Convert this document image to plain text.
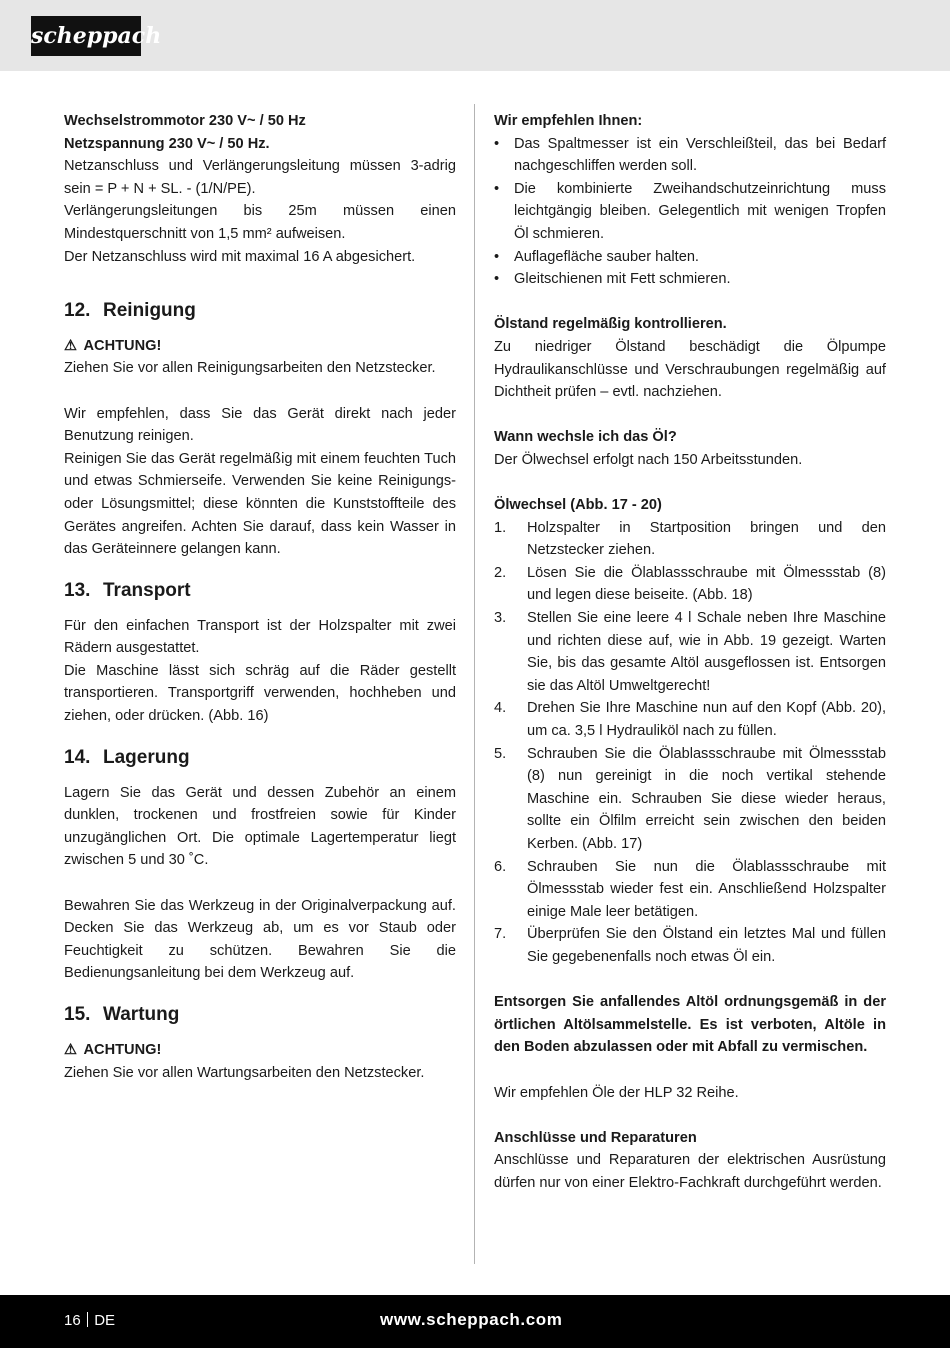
scheppach

Wechselstrommotor 230 V~ / 50 Hz

Netzspannung 230 V~ / 50 Hz.

Netzanschluss und Verlängerungsleitung müssen 3-adrig sein = P + N + SL. - (1/N/PE).

Verlängerungsleitungen bis 25m müssen einen Mindestquerschnitt von 1,5 mm² aufweisen.

Der Netzanschluss wird mit maximal 16 A abgesichert.

12. Reinigung

⚠ ACHTUNG!

Ziehen Sie vor allen Reinigungsarbeiten den Netzstecker.

Wir empfehlen, dass Sie das Gerät direkt nach jeder Benutzung reinigen.

Reinigen Sie das Gerät regelmäßig mit einem feuchten Tuch und etwas Schmierseife. Verwenden Sie keine Reinigungs- oder Lösungsmittel; diese könnten die Kunststoffteile des Gerätes angreifen. Achten Sie darauf, dass kein Wasser in das Geräteinnere gelangen kann.

13. Transport

Für den einfachen Transport ist der Holzspalter mit zwei Rädern ausgestattet.

Die Maschine lässt sich schräg auf die Räder gestellt transportieren. Transportgriff verwenden, hochheben und ziehen, oder drücken. (Abb. 16)

14. Lagerung

Lagern Sie das Gerät und dessen Zubehör an einem dunklen, trockenen und frostfreien sowie für Kinder unzugänglichen Ort. Die optimale Lagertemperatur liegt zwischen 5 und 30 ˚C.

Bewahren Sie das Werkzeug in der Originalverpackung auf. Decken Sie das Werkzeug ab, um es vor Staub oder Feuchtigkeit zu schützen. Bewahren Sie die Bedienungsanleitung bei dem Werkzeug auf.

15. Wartung

⚠ ACHTUNG!

Ziehen Sie vor allen Wartungsarbeiten den Netzstecker.

Wir empfehlen Ihnen:

• Das Spaltmesser ist ein Verschleißteil, das bei Bedarf nachgeschliffen werden soll.
• Die kombinierte Zweihandschutzeinrichtung muss leichtgängig bleiben. Gelegentlich mit wenigen Tropfen Öl schmieren.
• Auflagefläche sauber halten.
• Gleitschienen mit Fett schmieren.

Ölstand regelmäßig kontrollieren.

Zu niedriger Ölstand beschädigt die Ölpumpe Hydraulikanschlüsse und Verschraubungen regelmäßig auf Dichtheit prüfen – evtl. nachziehen.

Wann wechsle ich das Öl?

Der Ölwechsel erfolgt nach 150 Arbeitsstunden.

Ölwechsel (Abb. 17 - 20)

1. Holzspalter in Startposition bringen und den Netzstecker ziehen.
2. Lösen Sie die Ölablassschraube mit Ölmessstab (8) und legen diese beiseite. (Abb. 18)
3. Stellen Sie eine leere 4 l Schale neben Ihre Maschine und richten diese auf, wie in Abb. 19 gezeigt. Warten Sie, bis das gesamte Altöl ausgeflossen ist. Entsorgen sie das Altöl Umweltgerecht!
4. Drehen Sie Ihre Maschine nun auf den Kopf (Abb. 20), um ca. 3,5 l Hydrauliköl nach zu füllen.
5. Schrauben Sie die Ölablassschraube mit Ölmessstab (8) nun gereinigt in die noch vertikal stehende Maschine ein. Schrauben Sie diese wieder heraus, sollte ein Ölfilm erreicht sein zwischen den beiden Kerben. (Abb. 17)
6. Schrauben Sie nun die Ölablassschraube mit Ölmessstab wieder fest ein. Anschließend Holzspalter einige Male leer betätigen.
7. Überprüfen Sie den Ölstand ein letztes Mal und füllen Sie gegebenenfalls noch etwas Öl ein.

Entsorgen Sie anfallendes Altöl ordnungsgemäß in der örtlichen Altölsammelstelle. Es ist verboten, Altöle in den Boden abzulassen oder mit Abfall zu vermischen.

Wir empfehlen Öle der HLP 32 Reihe.

Anschlüsse und Reparaturen

Anschlüsse und Reparaturen der elektrischen Ausrüstung dürfen nur von einer Elektro-Fachkraft durchgeführt werden.

16 DE	www.scheppach.com
